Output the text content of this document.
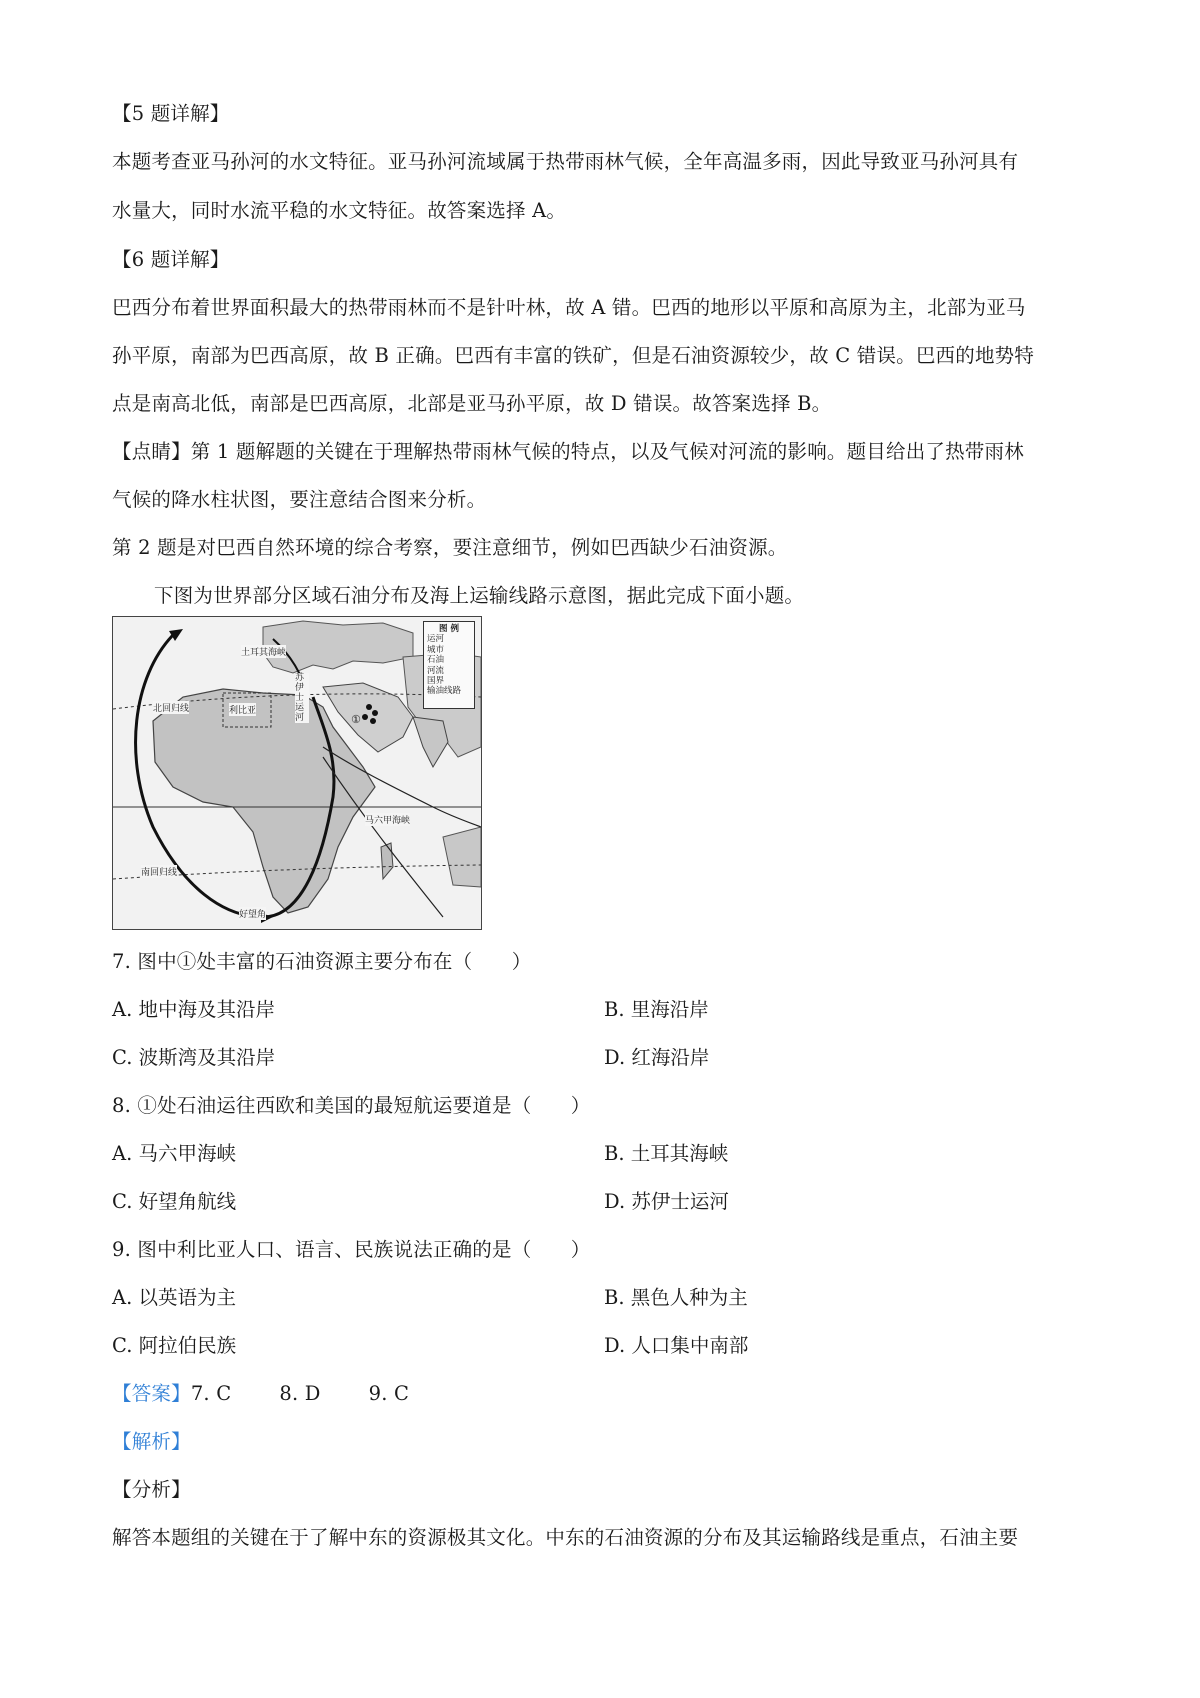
【5 题详解】
本题考查亚马孙河的水文特征。亚马孙河流域属于热带雨林气候，全年高温多雨，因此导致亚马孙河具有
水量大，同时水流平稳的水文特征。故答案选择 A。
【6 题详解】
巴西分布着世界面积最大的热带雨林而不是针叶林，故 A 错。巴西的地形以平原和高原为主，北部为亚马
孙平原，南部为巴西高原，故 B 正确。巴西有丰富的铁矿，但是石油资源较少，故 C 错误。巴西的地势特
点是南高北低，南部是巴西高原，北部是亚马孙平原，故 D 错误。故答案选择 B。
【点睛】第 1 题解题的关键在于理解热带雨林气候的特点，以及气候对河流的影响。题目给出了热带雨林
气候的降水柱状图，要注意结合图来分析。
第 2 题是对巴西自然环境的综合考察，要注意细节，例如巴西缺少石油资源。
下图为世界部分区域石油分布及海上运输线路示意图，据此完成下面小题。
图 例
运河
城市
石油
河流
国界
输油线路
土耳其海峡
苏伊士运河
利比亚
北回归线
南回归线
马六甲海峡
好望角
①
7. 图中①处丰富的石油资源主要分布在（　　）
A. 地中海及其沿岸	B. 里海沿岸
C. 波斯湾及其沿岸	D. 红海沿岸
8. ①处石油运往西欧和美国的最短航运要道是（　　）
A. 马六甲海峡	B. 土耳其海峡
C. 好望角航线	D. 苏伊士运河
9. 图中利比亚人口、语言、民族说法正确的是（　　）
A. 以英语为主	B. 黑色人种为主
C. 阿拉伯民族	D. 人口集中南部
【答案】7. C 8. D 9. C
【解析】
【分析】
解答本题组的关键在于了解中东的资源极其文化。中东的石油资源的分布及其运输路线是重点，石油主要
